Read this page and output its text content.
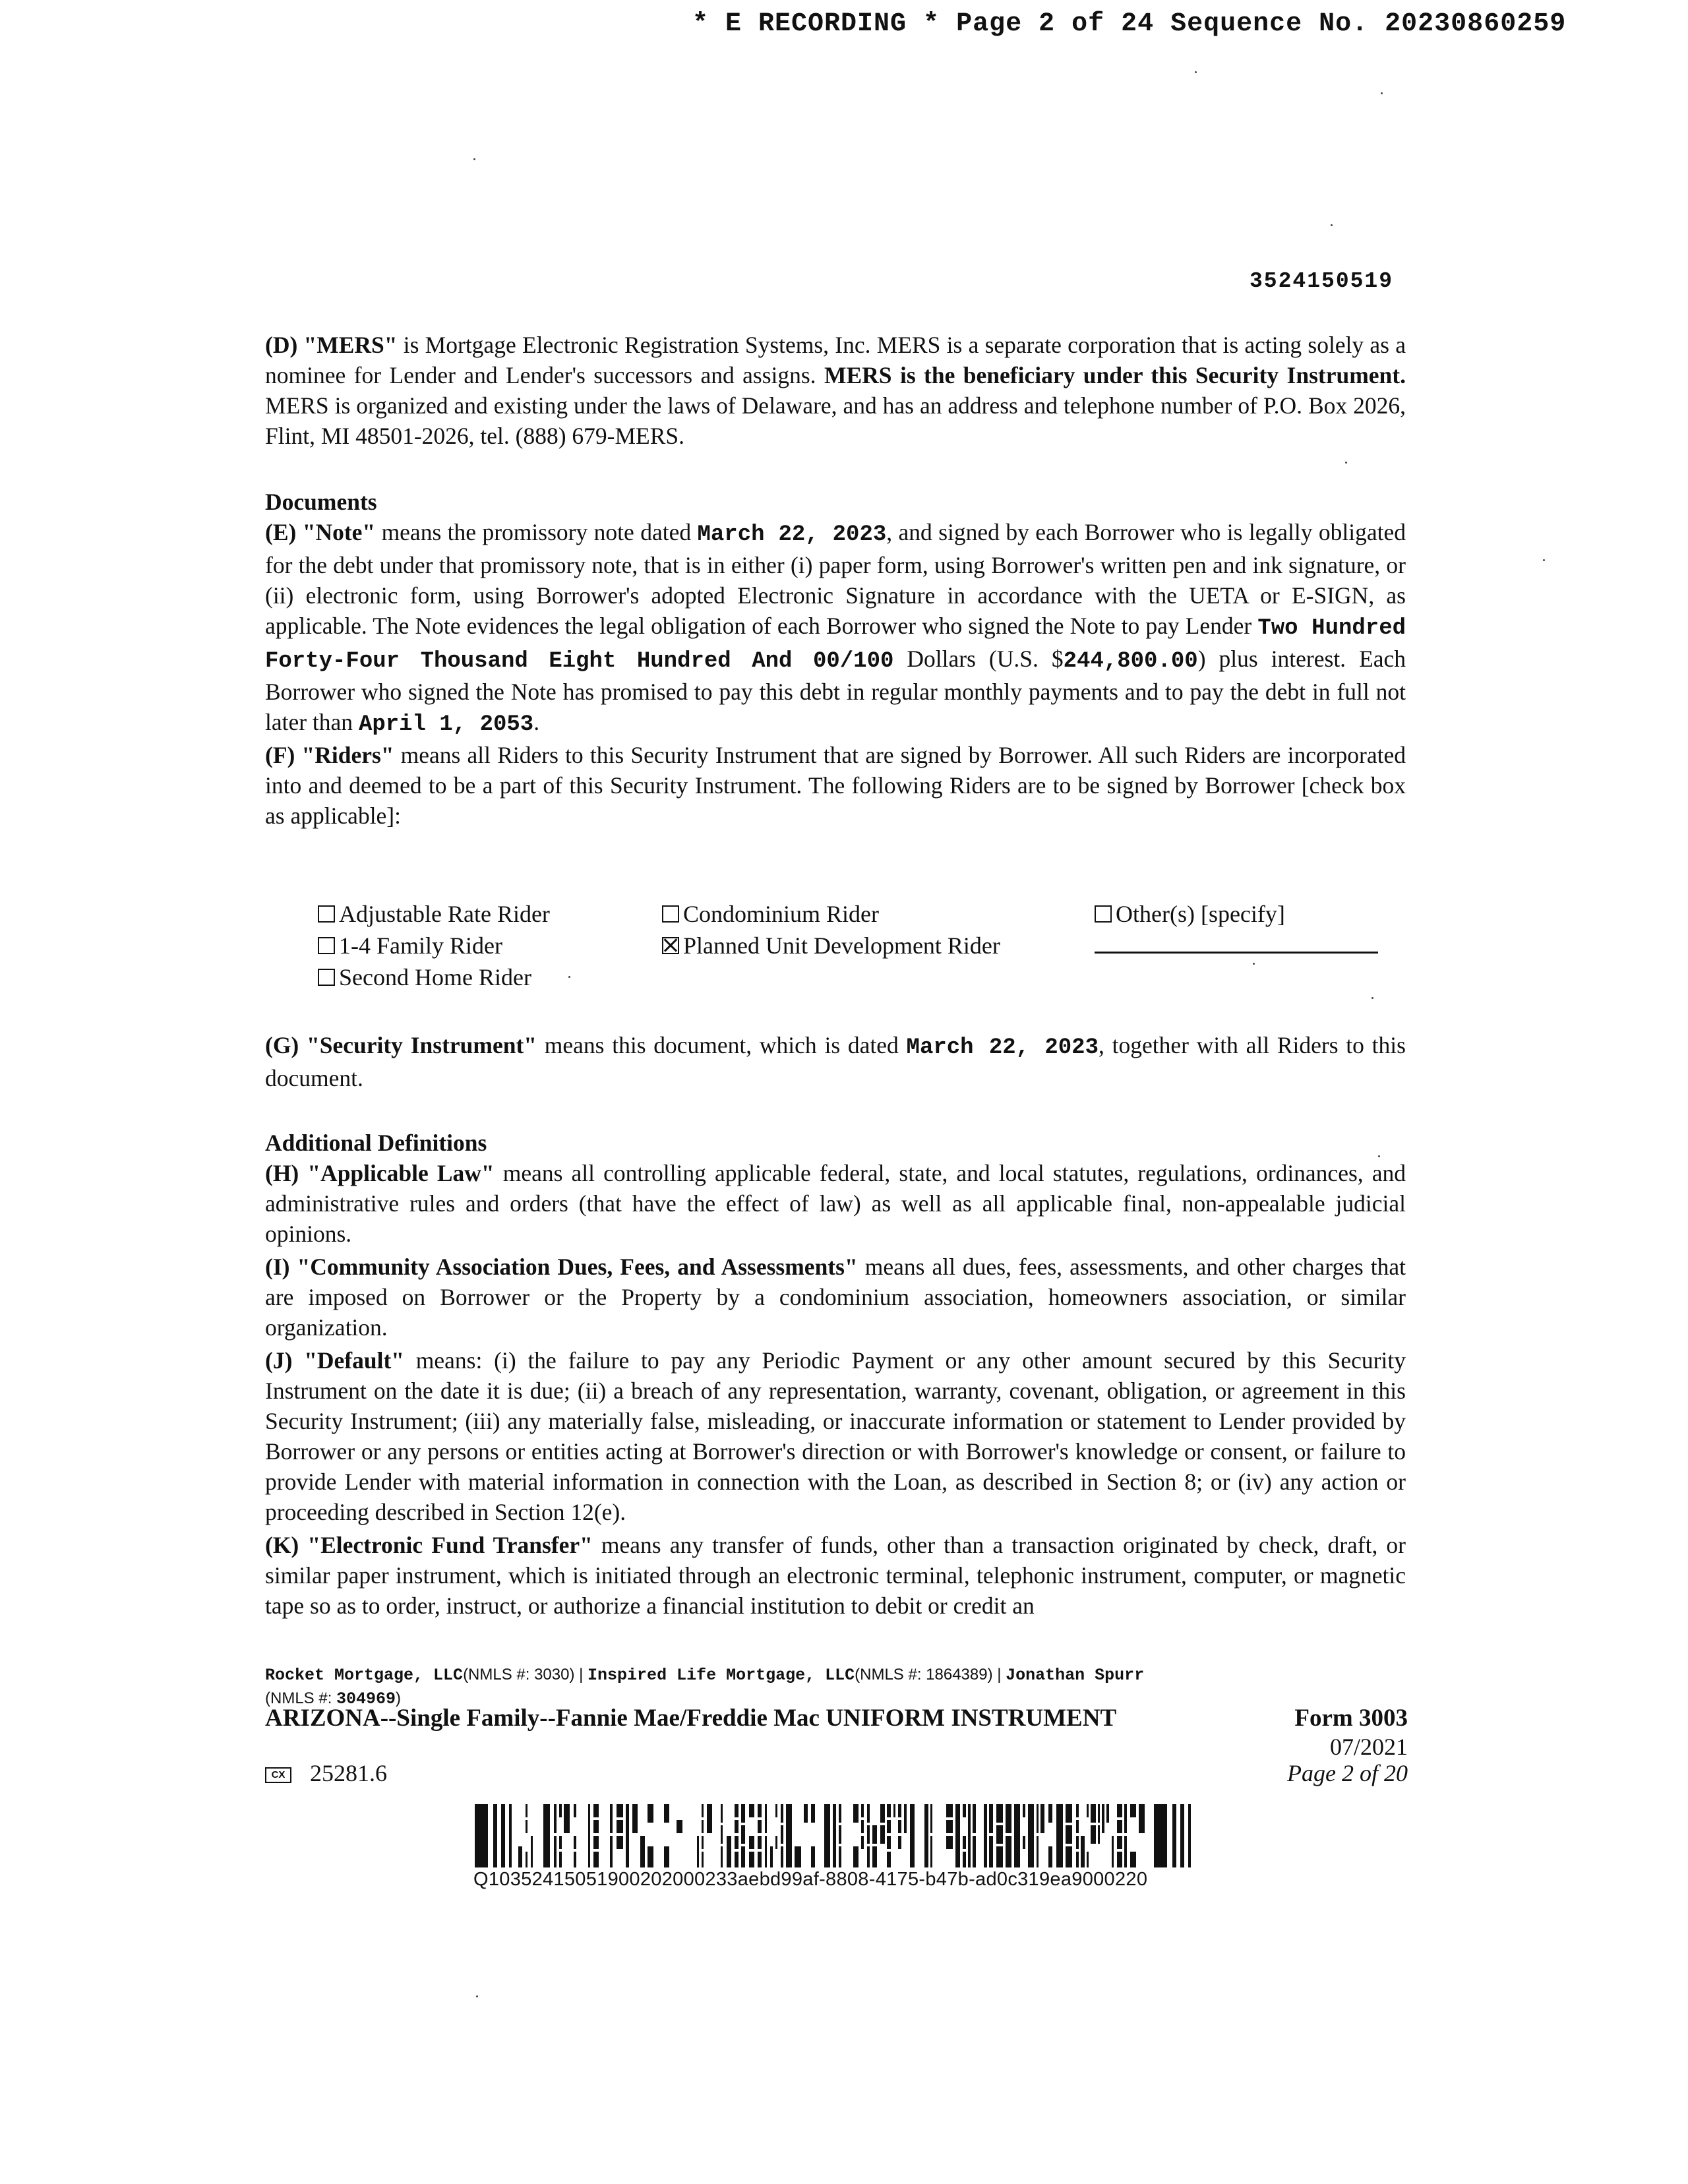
* E RECORDING * Page 2 of 24 Sequence No. 20230860259
3524150519

(D) "MERS" is Mortgage Electronic Registration Systems, Inc. MERS is a separate corporation that is acting solely as a nominee for Lender and Lender's successors and assigns. MERS is the beneficiary under this Security Instrument. MERS is organized and existing under the laws of Delaware, and has an address and telephone number of P.O. Box 2026, Flint, MI 48501-2026, tel. (888) 679-MERS.

Documents

(E) "Note" means the promissory note dated March 22, 2023, and signed by each Borrower who is legally obligated for the debt under that promissory note, that is in either (i) paper form, using Borrower's written pen and ink signature, or (ii) electronic form, using Borrower's adopted Electronic Signature in accordance with the UETA or E-SIGN, as applicable. The Note evidences the legal obligation of each Borrower who signed the Note to pay Lender Two Hundred Forty-Four Thousand Eight Hundred And 00/100 Dollars (U.S. $244,800.00) plus interest. Each Borrower who signed the Note has promised to pay this debt in regular monthly payments and to pay the debt in full not later than April 1, 2053.

(F) "Riders" means all Riders to this Security Instrument that are signed by Borrower. All such Riders are incorporated into and deemed to be a part of this Security Instrument. The following Riders are to be signed by Borrower [check box as applicable]:

Adjustable Rate Rider
1-4 Family Rider
Second Home Rider
Condominium Rider
Planned Unit Development Rider
Other(s) [specify]

(G) "Security Instrument" means this document, which is dated March 22, 2023, together with all Riders to this document.

Additional Definitions

(H) "Applicable Law" means all controlling applicable federal, state, and local statutes, regulations, ordinances, and administrative rules and orders (that have the effect of law) as well as all applicable final, non-appealable judicial opinions.

(I) "Community Association Dues, Fees, and Assessments" means all dues, fees, assessments, and other charges that are imposed on Borrower or the Property by a condominium association, homeowners association, or similar organization.

(J) "Default" means: (i) the failure to pay any Periodic Payment or any other amount secured by this Security Instrument on the date it is due; (ii) a breach of any representation, warranty, covenant, obligation, or agreement in this Security Instrument; (iii) any materially false, misleading, or inaccurate information or statement to Lender provided by Borrower or any persons or entities acting at Borrower's direction or with Borrower's knowledge or consent, or failure to provide Lender with material information in connection with the Loan, as described in Section 8; or (iv) any action or proceeding described in Section 12(e).

(K) "Electronic Fund Transfer" means any transfer of funds, other than a transaction originated by check, draft, or similar paper instrument, which is initiated through an electronic terminal, telephonic instrument, computer, or magnetic tape so as to order, instruct, or authorize a financial institution to debit or credit an

Rocket Mortgage, LLC(NMLS #: 3030) | Inspired Life Mortgage, LLC(NMLS #: 1864389) | Jonathan Spurr
(NMLS #: 304969)
ARIZONA--Single Family--Fannie Mae/Freddie Mac UNIFORM INSTRUMENT	Form 3003
07/2021
Page 2 of 20
CX 25281.6
Q10352415051900202000233aebd99af-8808-4175-b47b-ad0c319ea9000220
